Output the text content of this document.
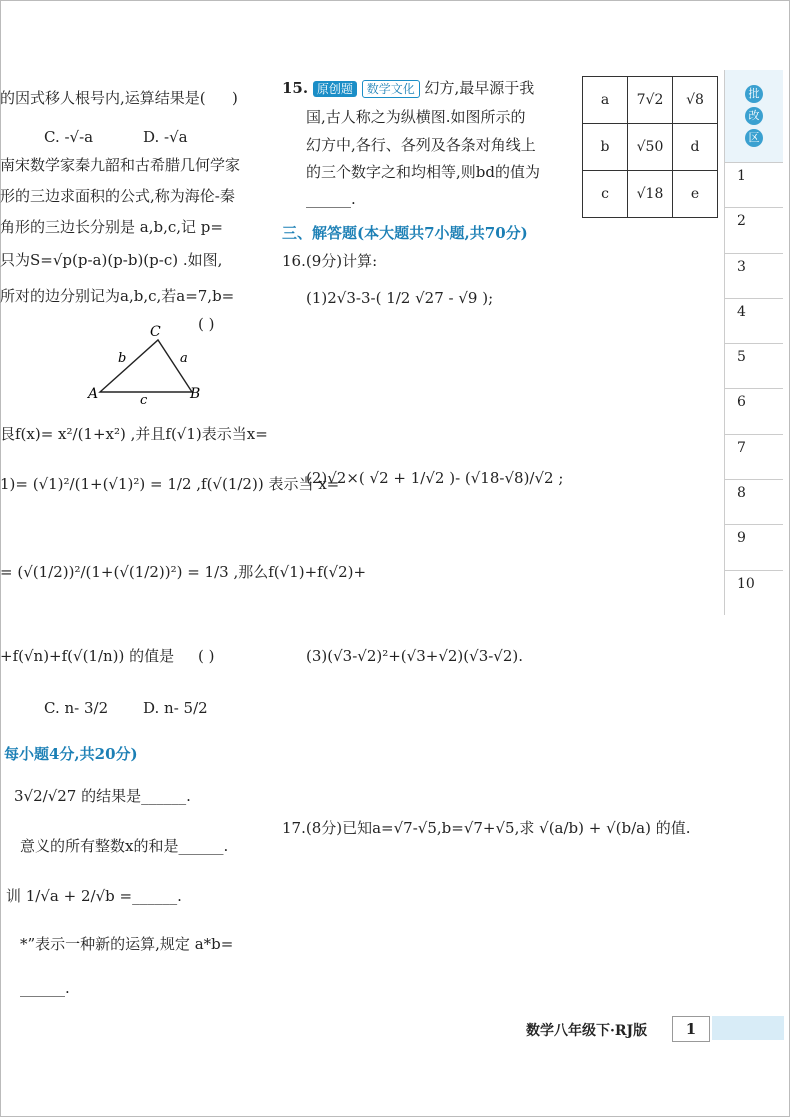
的因式移人根号内,运算结果是( )
C. -√-a	D. -√a
南宋数学家秦九韶和古希腊几何学家
形的三边求面积的公式,称为海伦-秦
角形的三边长分别是 a,b,c,记 p=
只为S=√p(p-a)(p-b)(p-c) .如图,
所对的边分别记为a,b,c,若a=7,b=
( )
C
A	B
a
b
c
艮f(x)= x²/(1+x²) ,并且f(√1)表示当x=
1)= (√1)²/(1+(√1)²) = 1/2 ,f(√(1/2)) 表示当 x=
= (√(1/2))²/(1+(√(1/2))²) = 1/3 ,那么f(√1)+f(√2)+
+f(√n)+f(√(1/n)) 的值是 ( )
C. n- 3/2 D. n- 5/2
每小题4分,共20分)
3√2/√27 的结果是______.
意义的所有整数x的和是______.
训 1/√a + 2/√b =______.
*”表示一种新的运算,规定 a*b=
______.
15. 原创题 数学文化 幻方,最早源于我
国,古人称之为纵横图.如图所示的
幻方中,各行、各列及各条对角线上
的三个数字之和均相等,则bd的值为
______.
a	7√2	√8
b	√50	d
c	√18	e
三、解答题(本大题共7小题,共70分)
16.(9分)计算:
(1)2√3-3-( 1/2 √27 - √9 );
(2)√2×( √2 + 1/√2 )- (√18-√8)/√2 ;
(3)(√3-√2)²+(√3+√2)(√3-√2).
17.(8分)已知a=√7-√5,b=√7+√5,求 √(a/b) + √(b/a) 的值.
批
改
区
1
2
3
4
5
6
7
8
9
10
数学八年级下·RJ版	1
